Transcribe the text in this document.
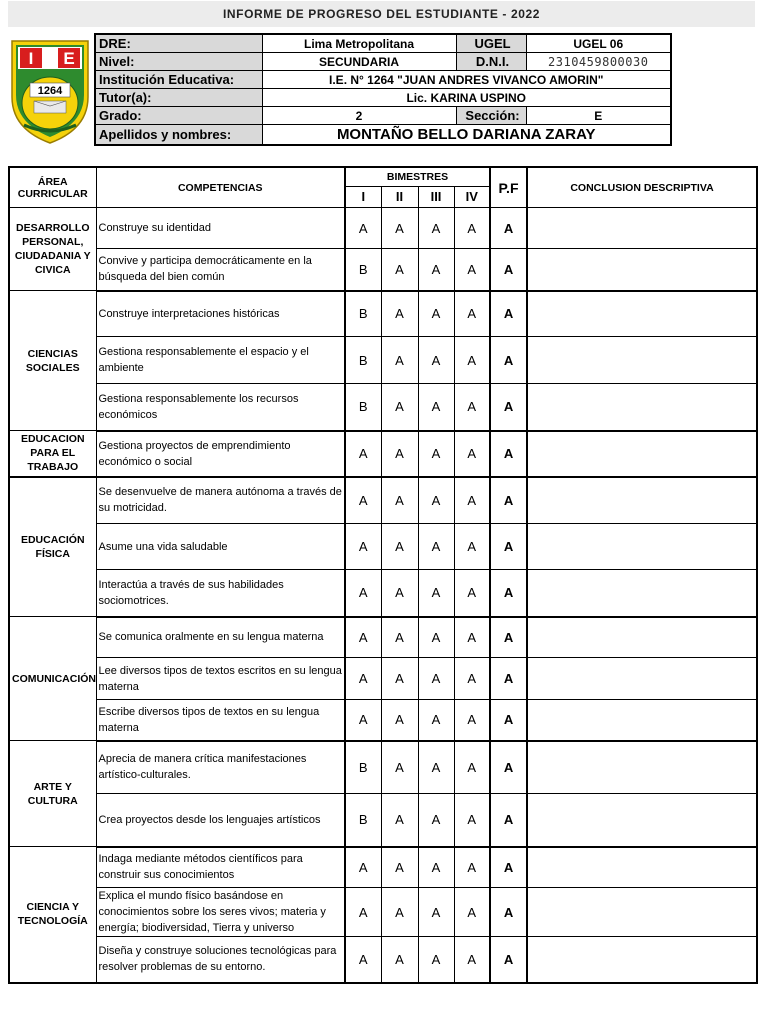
INFORME DE PROGRESO DEL ESTUDIANTE - 2022
I E
1264
DRE:	Lima Metropolitana	UGEL	UGEL 06
Nivel:	SECUNDARIA	D.N.I.	2310459800030
Institución Educativa:	I.E. N° 1264 "JUAN ANDRES VIVANCO AMORIN"		
Tutor(a):	Lic. KARINA USPINO		
Grado:	2	Sección:	E
Apellidos y nombres:	MONTAÑO BELLO DARIANA ZARAY		
ÁREA CURRICULAR	COMPETENCIAS	BIMESTRES				P.F	CONCLUSION DESCRIPTIVA
		I	II	III	IV		
DESARROLLO PERSONAL, CIUDADANIA Y CIVICA	Construye su identidad	A	A	A	A	A	
	Convive y participa democráticamente en la búsqueda del bien común	B	A	A	A	A	
CIENCIAS SOCIALES	Construye interpretaciones históricas	B	A	A	A	A	
	Gestiona responsablemente el espacio y el ambiente	B	A	A	A	A	
	Gestiona responsablemente los recursos económicos	B	A	A	A	A	
EDUCACION PARA EL TRABAJO	Gestiona proyectos de emprendimiento económico o social	A	A	A	A	A	
EDUCACIÓN FÍSICA	Se desenvuelve de manera autónoma a través de su motricidad.	A	A	A	A	A	
	Asume una vida saludable	A	A	A	A	A	
	Interactúa a través de sus habilidades sociomotrices.	A	A	A	A	A	
COMUNICACIÓN	Se comunica oralmente en su lengua materna	A	A	A	A	A	
	Lee diversos tipos de textos escritos en su lengua materna	A	A	A	A	A	
	Escribe diversos tipos de textos en su lengua materna	A	A	A	A	A	
ARTE Y CULTURA	Aprecia de manera crítica manifestaciones artístico-culturales.	B	A	A	A	A	
	Crea proyectos desde los lenguajes artísticos	B	A	A	A	A	
CIENCIA Y TECNOLOGÍA	Indaga mediante métodos científicos para construir sus conocimientos	A	A	A	A	A	
	Explica el mundo físico basándose en conocimientos sobre los seres vivos; materia y energía; biodiversidad, Tierra y universo	A	A	A	A	A	
	Diseña y construye soluciones tecnológicas para resolver problemas de su entorno.	A	A	A	A	A	
